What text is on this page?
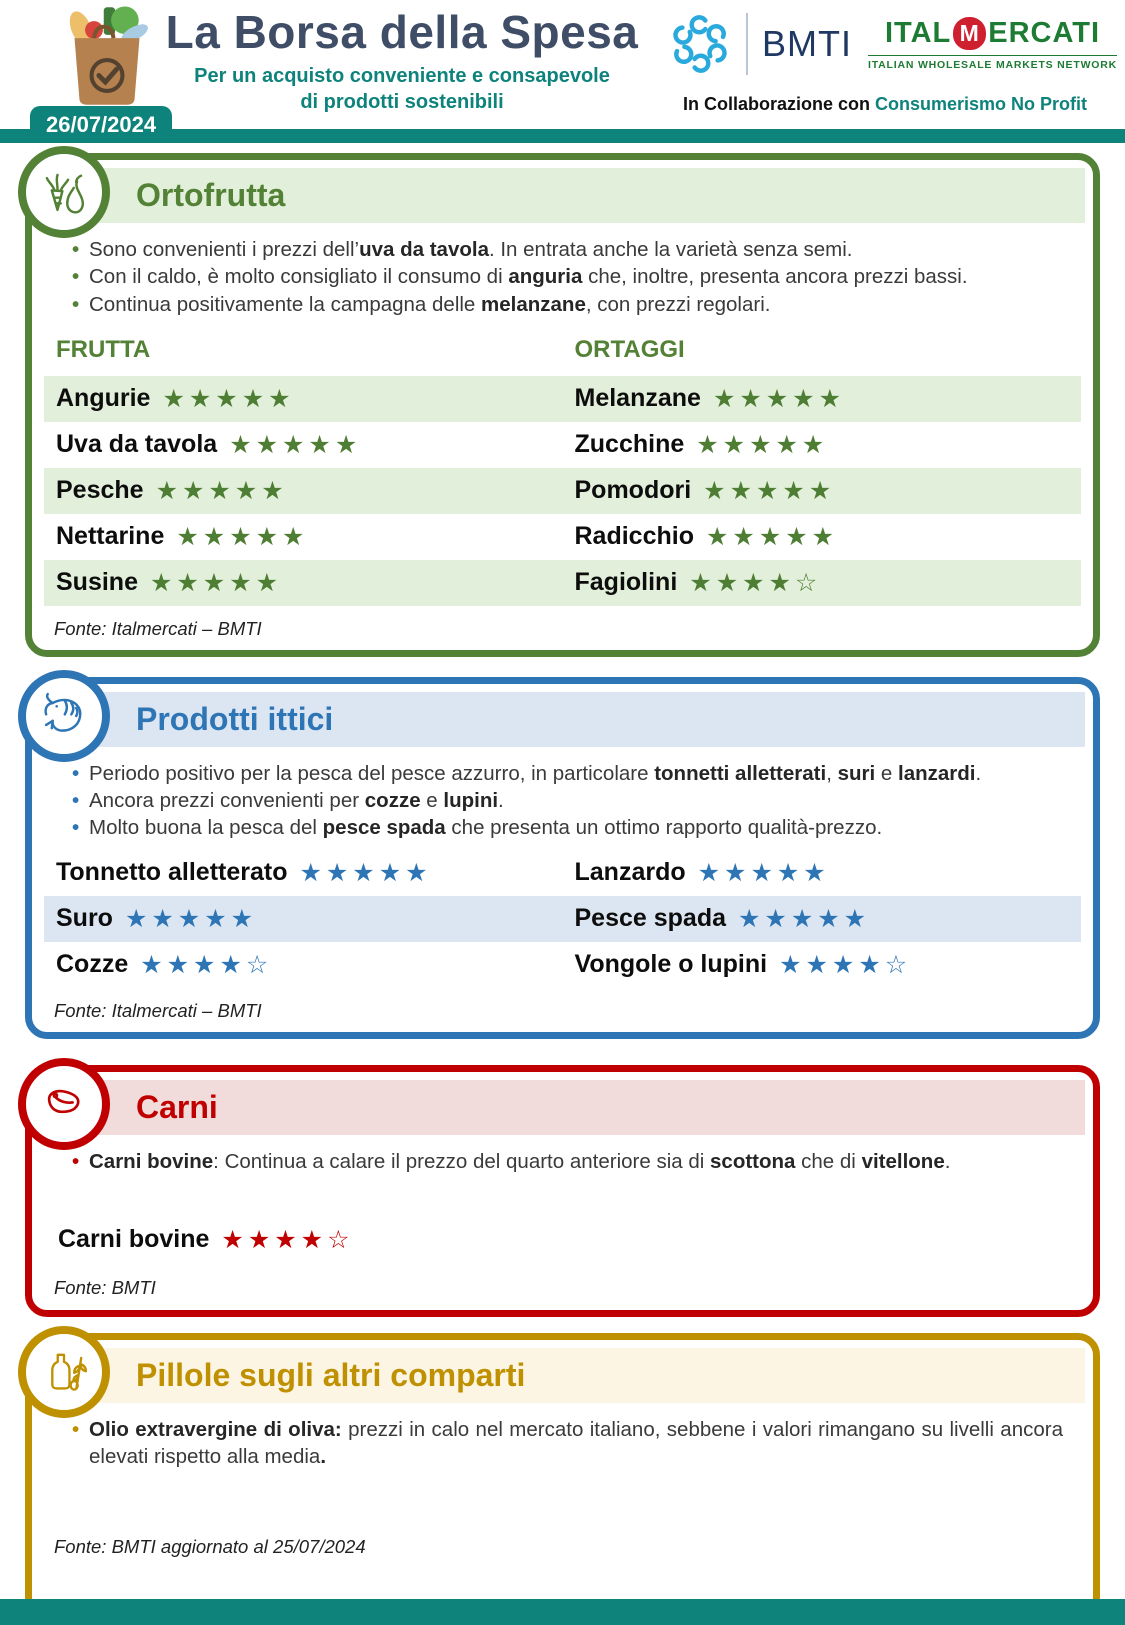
La Borsa della Spesa
Per un acquisto conveniente e consapevole
di prodotti sostenibili
BMTI ITAL M ERCATI
ITALIAN WHOLESALE MARKETS NETWORK
In Collaborazione con Consumerismo No Profit
26/07/2024
Ortofrutta
• Sono convenienti i prezzi dell’uva da tavola. In entrata anche la varietà senza semi.
• Con il caldo, è molto consigliato il consumo di anguria che, inoltre, presenta ancora prezzi bassi.
• Continua positivamente la campagna delle melanzane, con prezzi regolari.
FRUTTA	ORTAGGI
Angurie ★★★★★	Melanzane ★★★★★
Uva da tavola ★★★★★	Zucchine ★★★★★
Pesche ★★★★★	Pomodori ★★★★★
Nettarine ★★★★★	Radicchio ★★★★★
Susine ★★★★★	Fagiolini ★★★★☆
Fonte: Italmercati – BMTI
Prodotti ittici
• Periodo positivo per la pesca del pesce azzurro, in particolare tonnetti alletterati, suri e lanzardi.
• Ancora prezzi convenienti per cozze e lupini.
• Molto buona la pesca del pesce spada che presenta un ottimo rapporto qualità-prezzo.
Tonnetto alletterato ★★★★★	Lanzardo ★★★★★
Suro ★★★★★	Pesce spada ★★★★★
Cozze ★★★★☆	Vongole o lupini ★★★★☆
Fonte: Italmercati – BMTI
Carni
• Carni bovine: Continua a calare il prezzo del quarto anteriore sia di scottona che di vitellone.
Carni bovine ★★★★☆
Fonte: BMTI
Pillole sugli altri comparti
• Olio extravergine di oliva: prezzi in calo nel mercato italiano, sebbene i valori rimangano su livelli ancora elevati rispetto alla media.
Fonte: BMTI aggiornato al 25/07/2024
